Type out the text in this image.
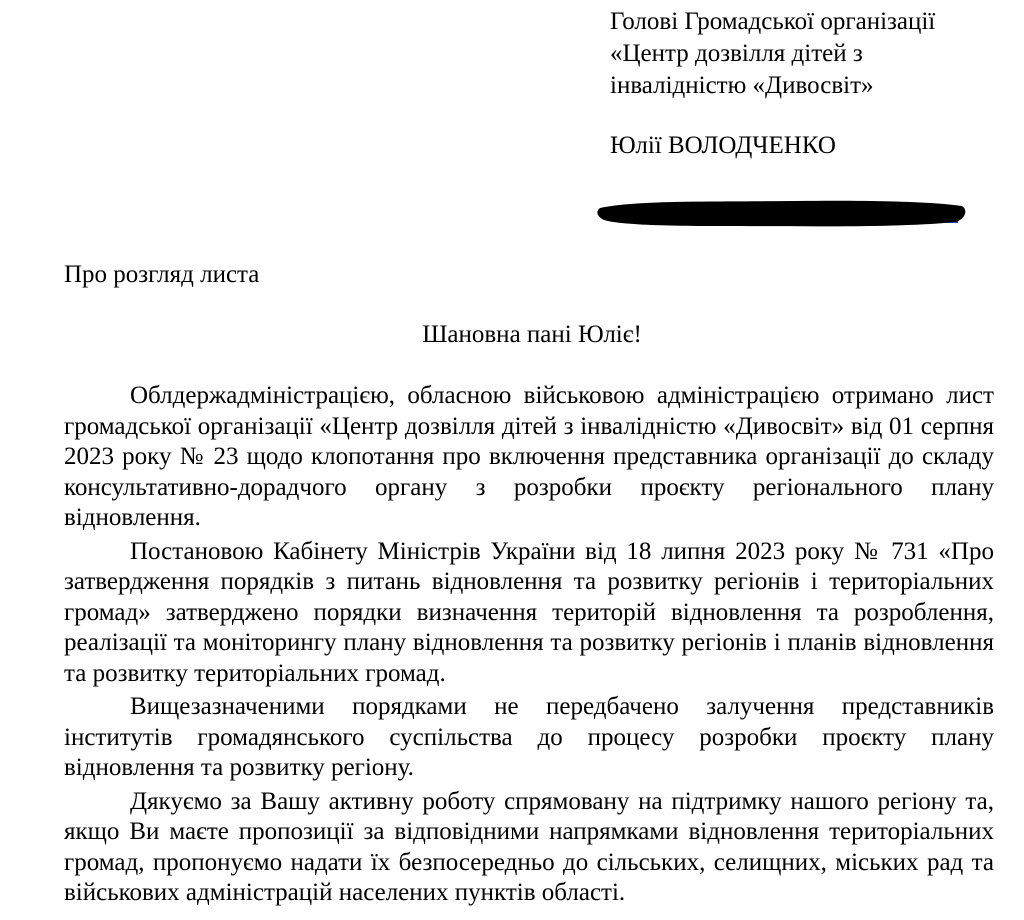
Голові Громадської організації
«Центр дозвілля дітей з
інвалідністю «Дивосвіт»
Юлії ВОЛОДЧЕНКО
Про розгляд листа
Шановна пані Юліє!

Облдержадміністрацією, обласною військовою адміністрацією отримано лист громадської організації «Центр дозвілля дітей з інвалідністю «Дивосвіт» від 01 серпня 2023 року № 23 щодо клопотання про включення представника організації до складу консультативно-дорадчого органу з розробки проєкту регіонального плану відновлення.

Постановою Кабінету Міністрів України від 18 липня 2023 року № 731 «Про затвердження порядків з питань відновлення та розвитку регіонів і територіальних громад» затверджено порядки визначення територій відновлення та розроблення, реалізації та моніторингу плану відновлення та розвитку регіонів і планів відновлення та розвитку територіальних громад.

Вищезазначеними порядками не передбачено залучення представників інститутів громадянського суспільства до процесу розробки проєкту плану відновлення та розвитку регіону.

Дякуємо за Вашу активну роботу спрямовану на підтримку нашого регіону та, якщо Ви маєте пропозиції за відповідними напрямками відновлення територіальних громад, пропонуємо надати їх безпосередньо до сільських, селищних, міських рад та військових адміністрацій населених пунктів області.
